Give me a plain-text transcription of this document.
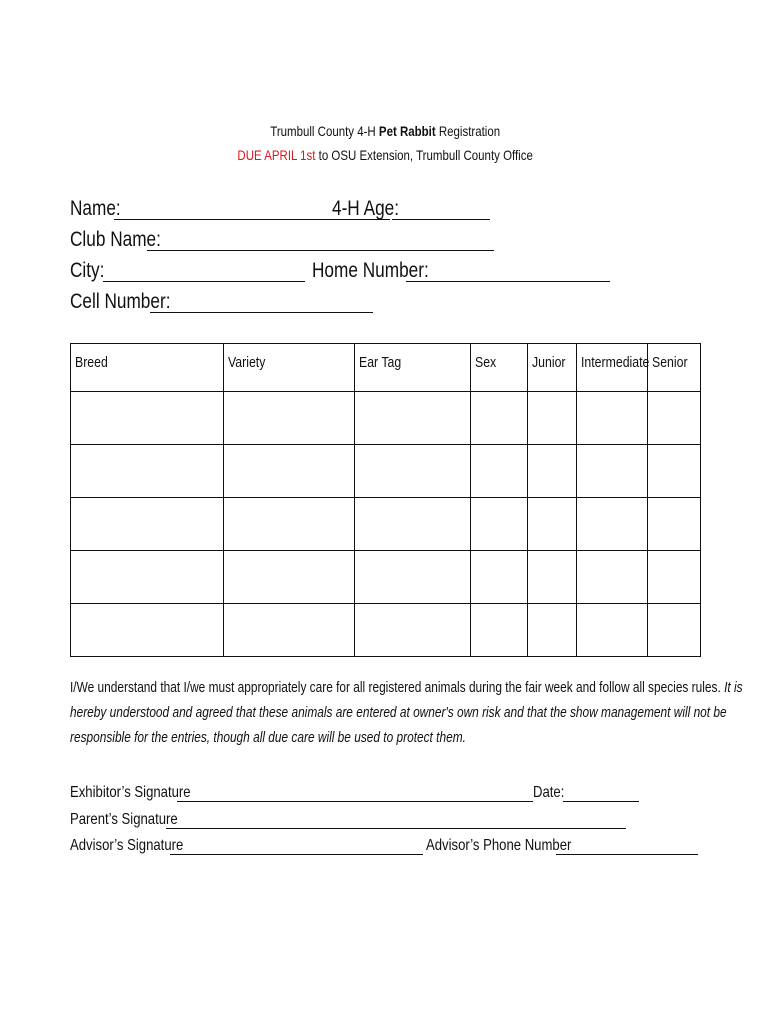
Trumbull County 4-H Pet Rabbit Registration
DUE APRIL 1st to OSU Extension, Trumbull County Office
Name:	4-H Age:
Club Name:
City:	Home Number:
Cell Number:
Breed	Variety	Ear Tag	Sex	Junior	Intermediate	Senior

I/We understand that I/we must appropriately care for all registered animals during the fair week and follow all species rules. It is
hereby understood and agreed that these animals are entered at owner's own risk and that the show management will not be
responsible for the entries, though all due care will be used to protect them.
Exhibitor’s Signature	Date:
Parent’s Signature
Advisor’s Signature	Advisor’s Phone Number
